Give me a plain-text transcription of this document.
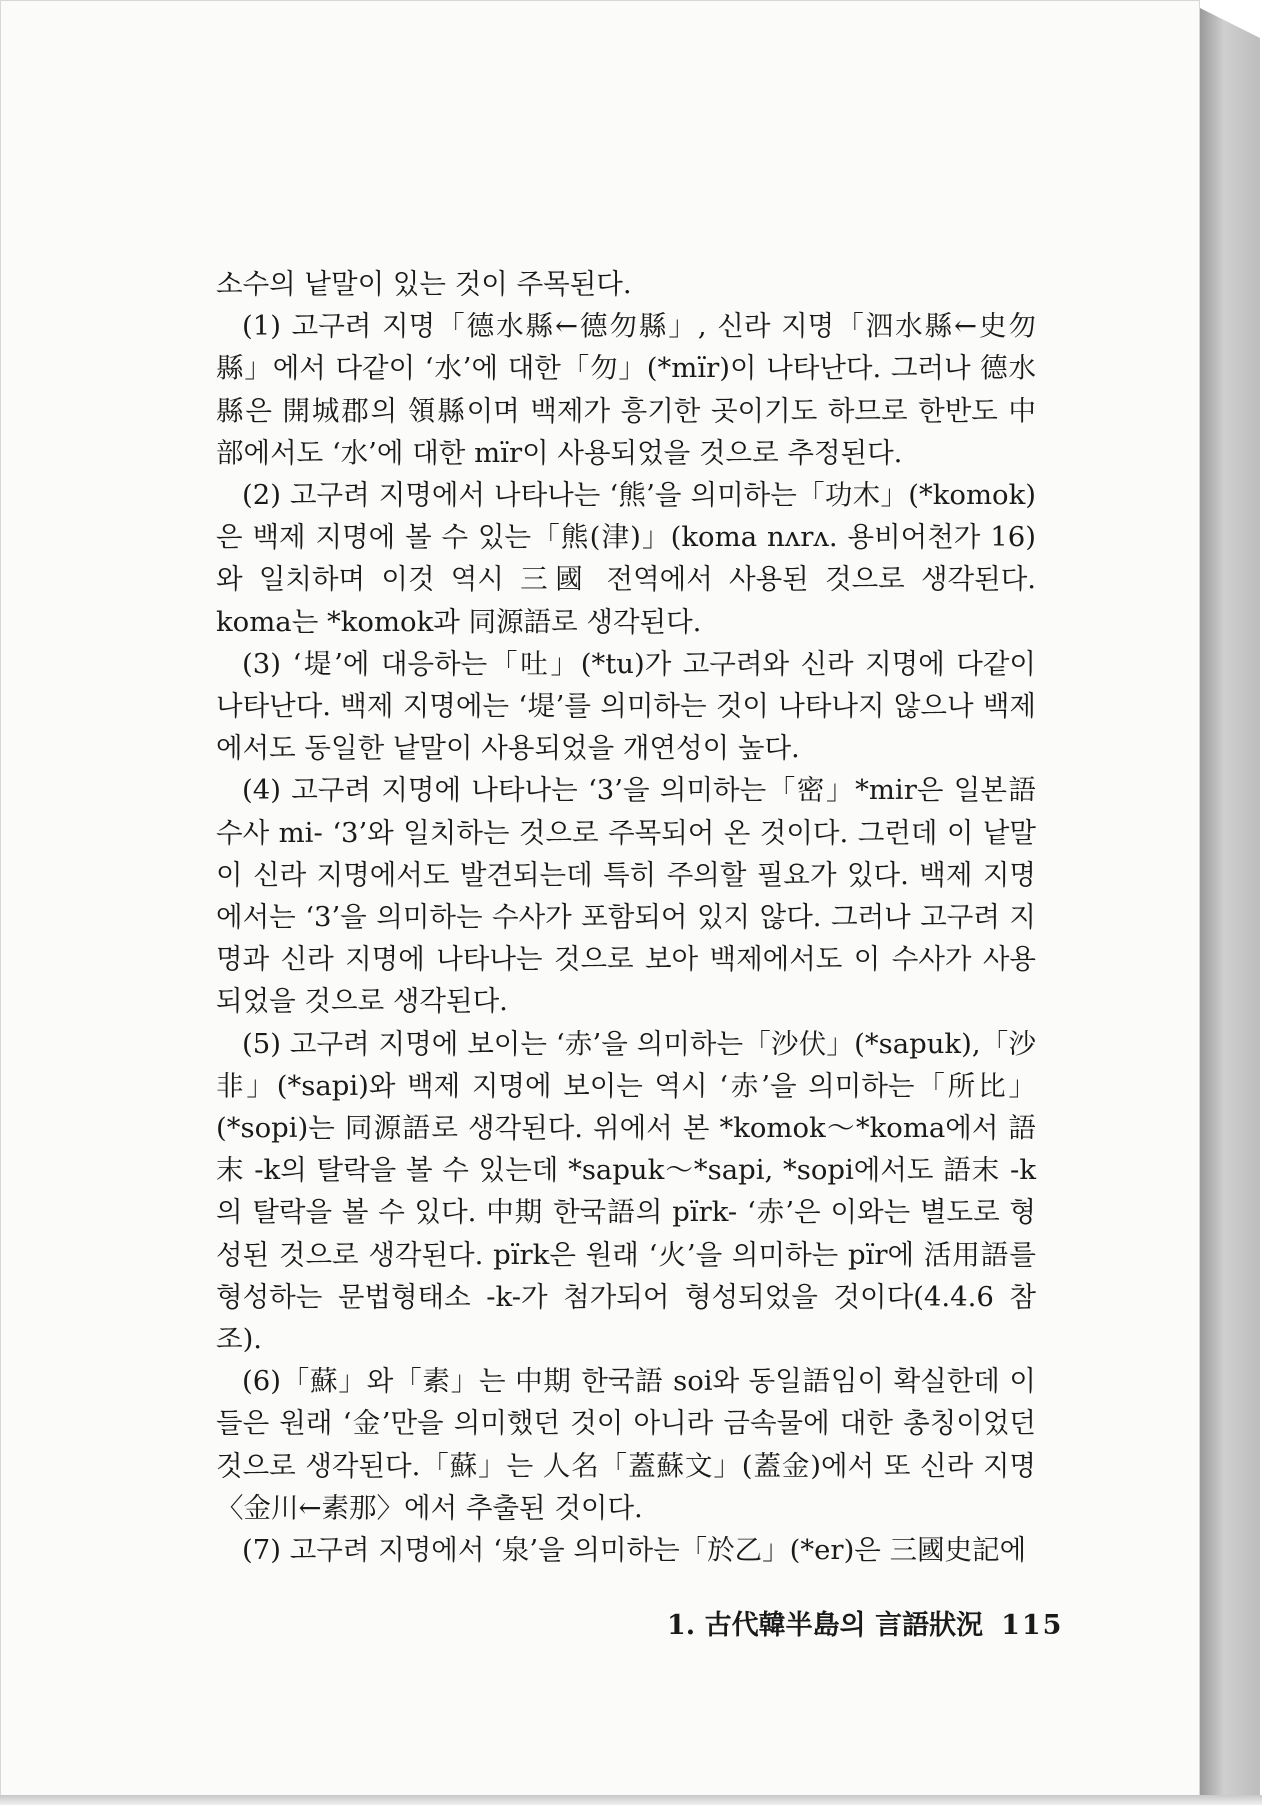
소수의 낱말이 있는 것이 주목된다.

(1) 고구려 지명「德水縣←德勿縣」, 신라 지명「泗水縣←史勿縣」에서 다같이 ‘水’에 대한「勿」(*mïr)이 나타난다. 그러나 德水縣은 開城郡의 領縣이며 백제가 흥기한 곳이기도 하므로 한반도 中部에서도 ‘水’에 대한 mïr이 사용되었을 것으로 추정된다.

(2) 고구려 지명에서 나타나는 ‘熊’을 의미하는「功木」(*komok)은 백제 지명에 볼 수 있는「熊(津)」(koma nʌrʌ. 용비어천가 16)와 일치하며 이것 역시 三國 전역에서 사용된 것으로 생각된다. koma는 *komok과 同源語로 생각된다.

(3) ‘堤’에 대응하는「吐」(*tu)가 고구려와 신라 지명에 다같이 나타난다. 백제 지명에는 ‘堤’를 의미하는 것이 나타나지 않으나 백제에서도 동일한 낱말이 사용되었을 개연성이 높다.

(4) 고구려 지명에 나타나는 ‘3’을 의미하는「密」*mir은 일본語 수사 mi- ‘3’와 일치하는 것으로 주목되어 온 것이다. 그런데 이 낱말이 신라 지명에서도 발견되는데 특히 주의할 필요가 있다. 백제 지명에서는 ‘3’을 의미하는 수사가 포함되어 있지 않다. 그러나 고구려 지명과 신라 지명에 나타나는 것으로 보아 백제에서도 이 수사가 사용되었을 것으로 생각된다.

(5) 고구려 지명에 보이는 ‘赤’을 의미하는「沙伏」(*sapuk),「沙非」(*sapi)와 백제 지명에 보이는 역시 ‘赤’을 의미하는「所比」(*sopi)는 同源語로 생각된다. 위에서 본 *komok～*koma에서 語末 -k의 탈락을 볼 수 있는데 *sapuk～*sapi, *sopi에서도 語末 -k의 탈락을 볼 수 있다. 中期 한국語의 pïrk- ‘赤’은 이와는 별도로 형성된 것으로 생각된다. pïrk은 원래 ‘火’을 의미하는 pïr에 活用語를 형성하는 문법형태소 -k-가 첨가되어 형성되었을 것이다(4.4.6 참조).

(6)「蘇」와「素」는 中期 한국語 soi와 동일語임이 확실한데 이들은 원래 ‘金’만을 의미했던 것이 아니라 금속물에 대한 총칭이었던 것으로 생각된다.「蘇」는 人名「蓋蘇文」(蓋金)에서 또 신라 지명〈金川←素那〉에서 추출된 것이다.

(7) 고구려 지명에서 ‘泉’을 의미하는「於乙」(*er)은 三國史記에

1. 古代韓半島의 言語狀況 115
